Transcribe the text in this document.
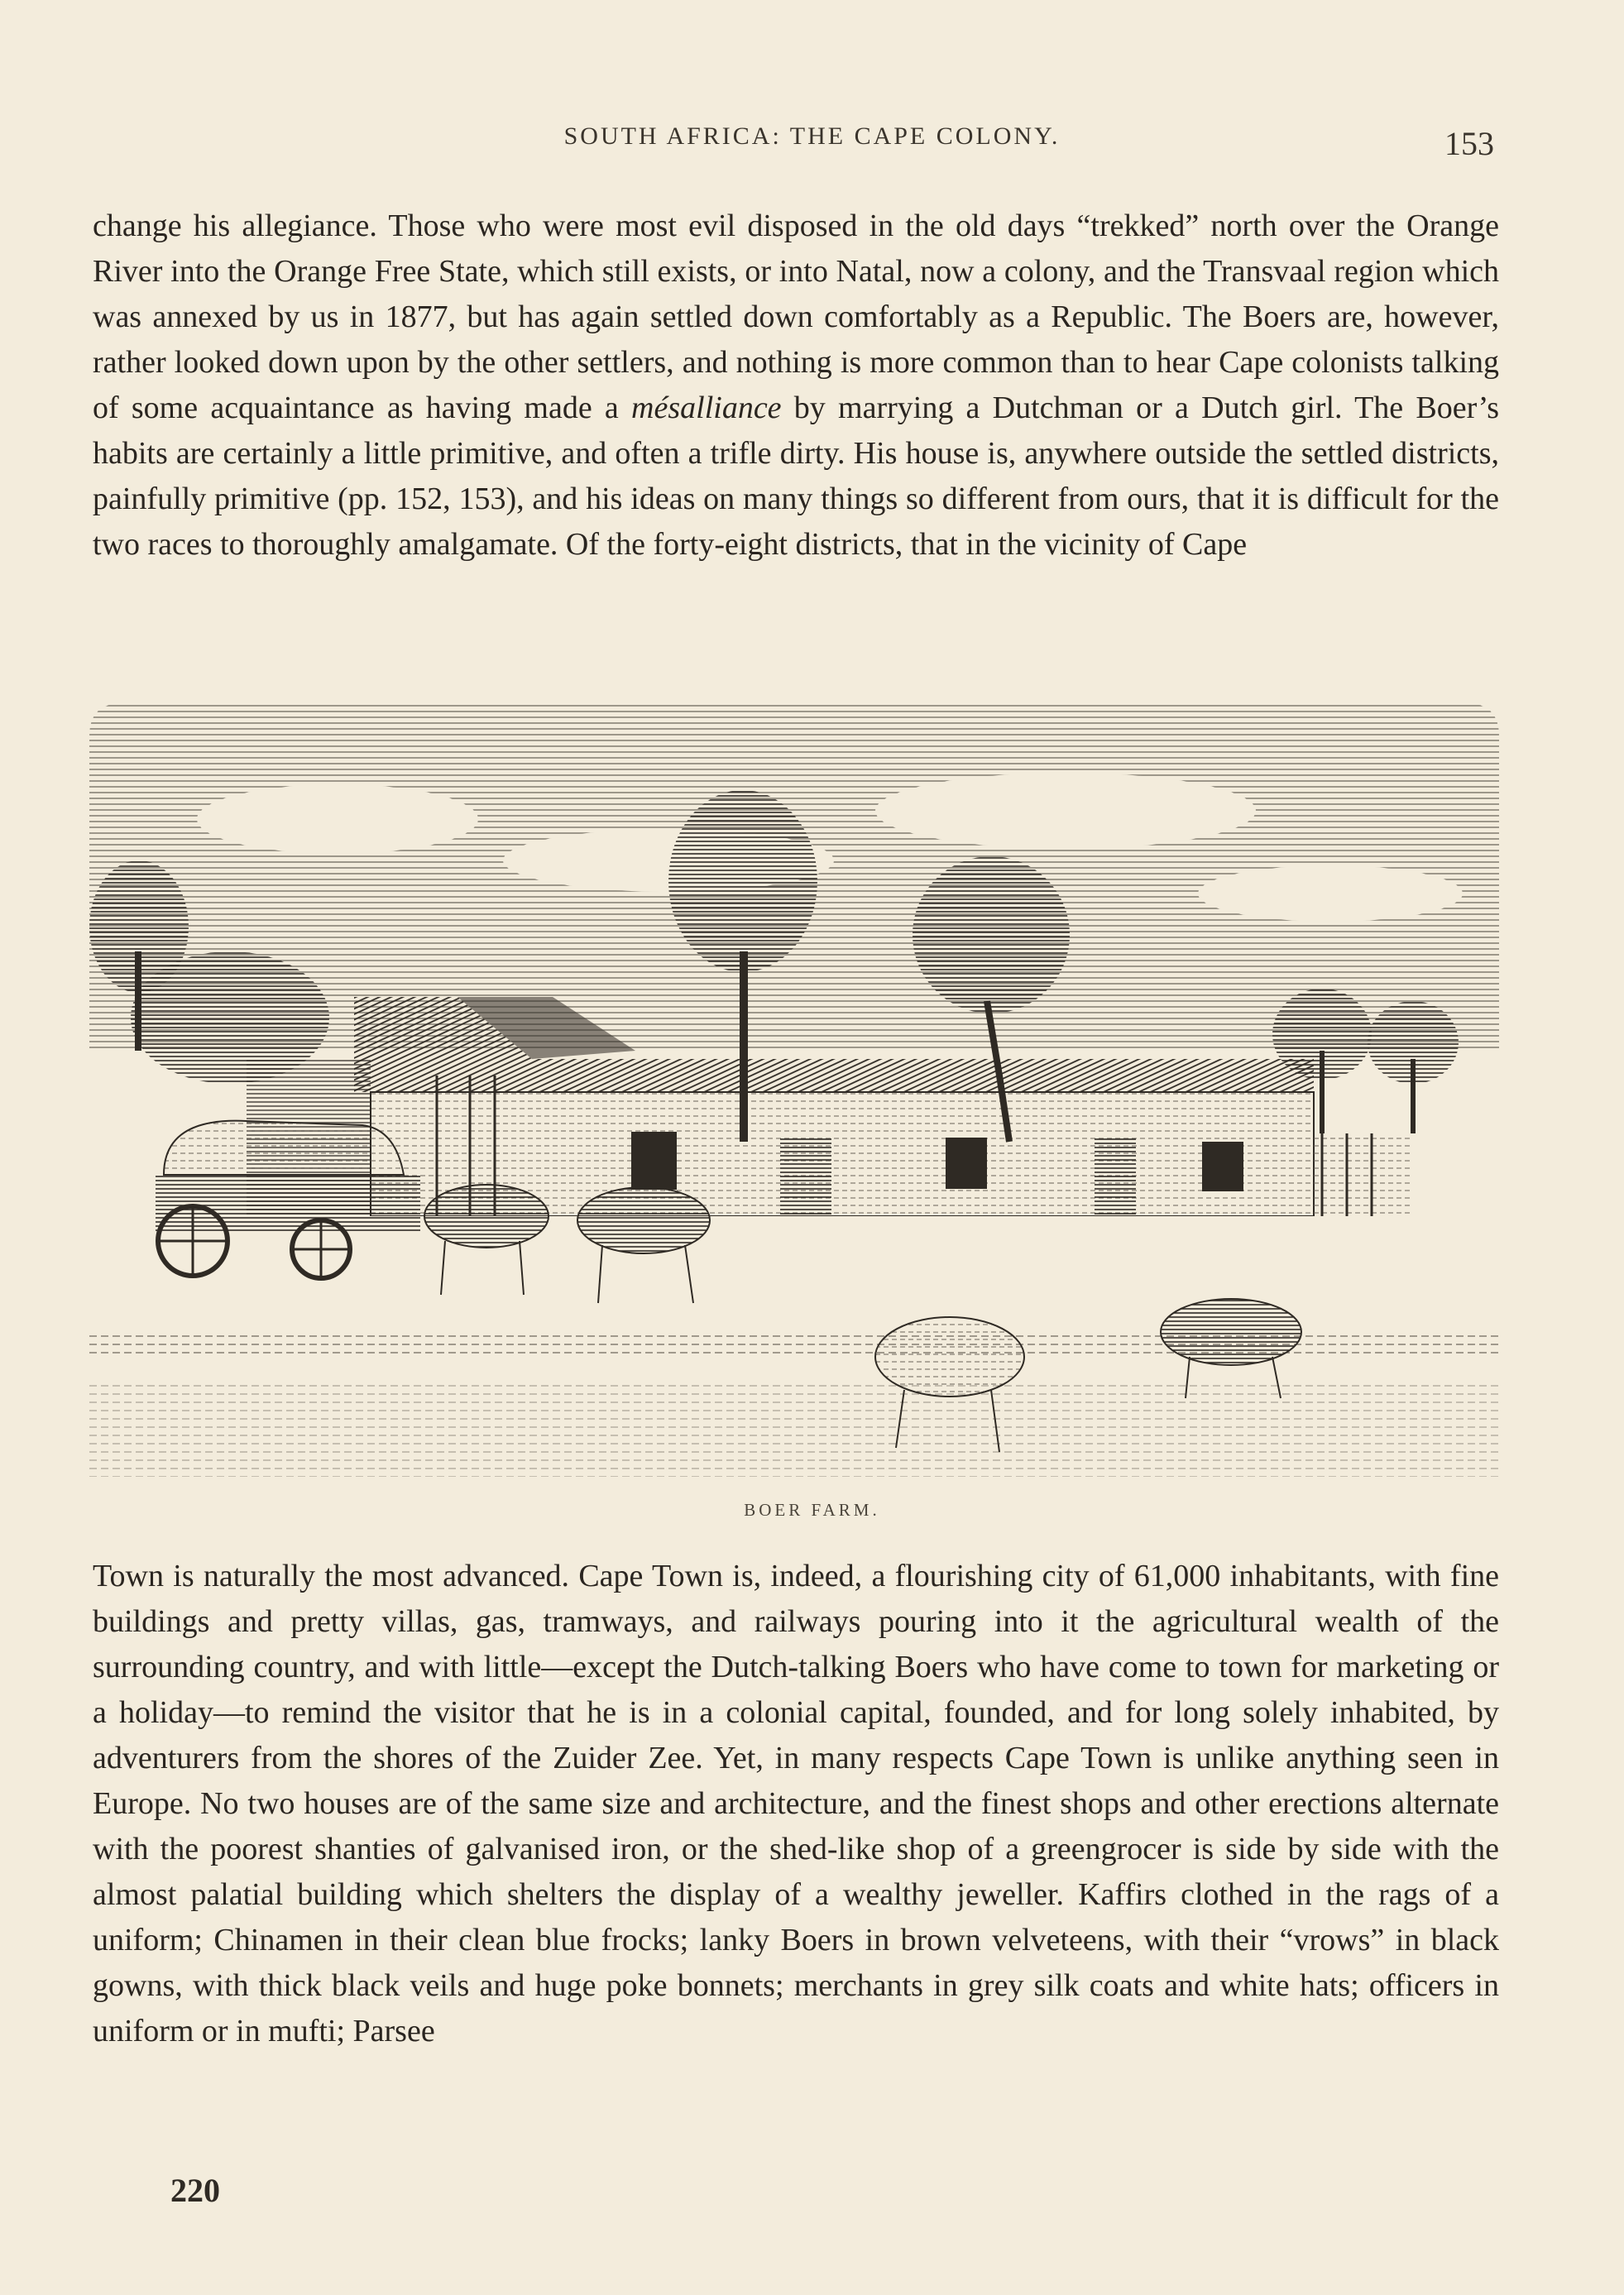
SOUTH AFRICA: THE CAPE COLONY.	153

change his allegiance. Those who were most evil disposed in the old days “trekked” north over the Orange River into the Orange Free State, which still exists, or into Natal, now a colony, and the Transvaal region which was annexed by us in 1877, but has again settled down comfortably as a Republic. The Boers are, however, rather looked down upon by the other settlers, and nothing is more common than to hear Cape colonists talking of some acquaintance as having made a mésalliance by marrying a Dutchman or a Dutch girl. The Boer’s habits are certainly a little primitive, and often a trifle dirty. His house is, anywhere outside the settled districts, painfully primitive (pp. 152, 153), and his ideas on many things so different from ours, that it is difficult for the two races to thoroughly amalgamate. Of the forty-eight districts, that in the vicinity of Cape

BOER FARM.

Town is naturally the most advanced. Cape Town is, indeed, a flourishing city of 61,000 inhabitants, with fine buildings and pretty villas, gas, tramways, and railways pouring into it the agricultural wealth of the surrounding country, and with little—except the Dutch-talking Boers who have come to town for marketing or a holiday—to remind the visitor that he is in a colonial capital, founded, and for long solely inhabited, by adventurers from the shores of the Zuider Zee. Yet, in many respects Cape Town is unlike anything seen in Europe. No two houses are of the same size and architecture, and the finest shops and other erections alternate with the poorest shanties of galvanised iron, or the shed-like shop of a greengrocer is side by side with the almost palatial building which shelters the display of a wealthy jeweller. Kaffirs clothed in the rags of a uniform; Chinamen in their clean blue frocks; lanky Boers in brown velveteens, with their “vrows” in black gowns, with thick black veils and huge poke bonnets; merchants in grey silk coats and white hats; officers in uniform or in mufti; Parsee

220
